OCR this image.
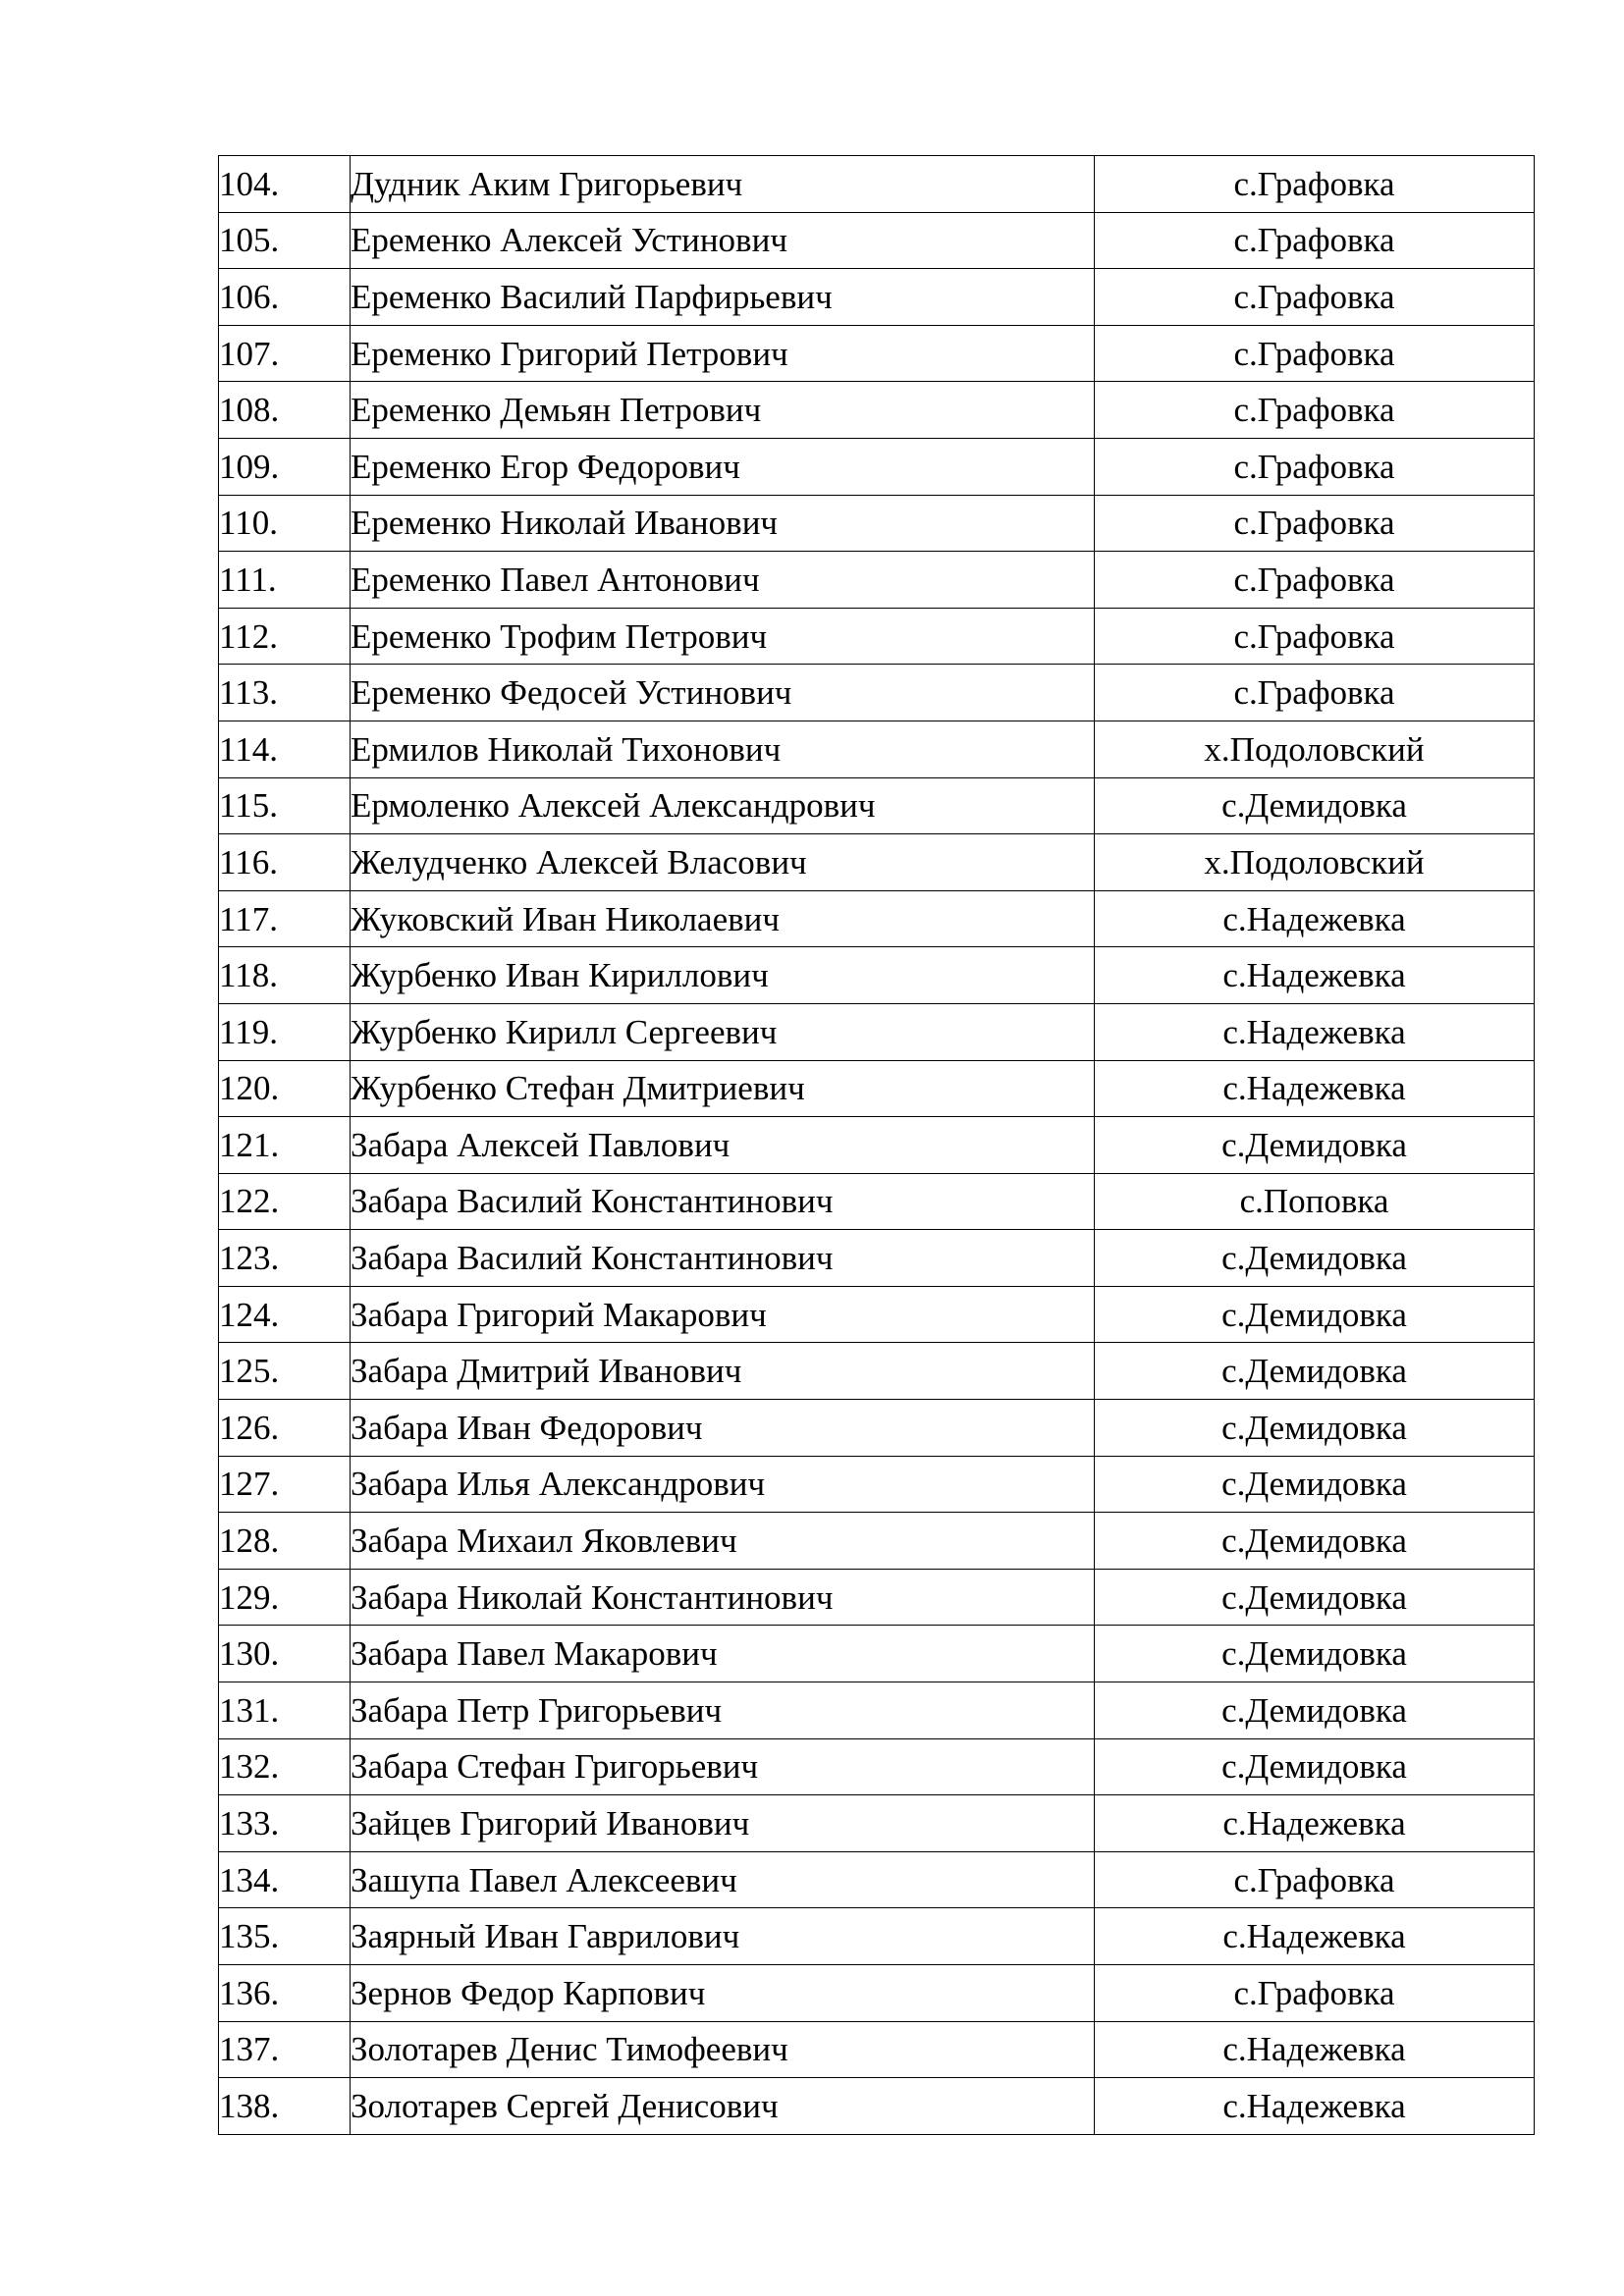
104.	Дудник Аким Григорьевич	с.Графовка
105.	Еременко Алексей Устинович	с.Графовка
106.	Еременко Василий Парфирьевич	с.Графовка
107.	Еременко Григорий Петрович	с.Графовка
108.	Еременко Демьян Петрович	с.Графовка
109.	Еременко Егор Федорович	с.Графовка
110.	Еременко Николай Иванович	с.Графовка
111.	Еременко Павел Антонович	с.Графовка
112.	Еременко Трофим Петрович	с.Графовка
113.	Еременко Федосей Устинович	с.Графовка
114.	Ермилов Николай Тихонович	х.Подоловский
115.	Ермоленко Алексей Александрович	с.Демидовка
116.	Желудченко Алексей Власович	х.Подоловский
117.	Жуковский Иван Николаевич	с.Надежевка
118.	Журбенко Иван Кириллович	с.Надежевка
119.	Журбенко Кирилл Сергеевич	с.Надежевка
120.	Журбенко Стефан Дмитриевич	с.Надежевка
121.	Забара Алексей Павлович	с.Демидовка
122.	Забара Василий Константинович	с.Поповка
123.	Забара Василий Константинович	с.Демидовка
124.	Забара Григорий Макарович	с.Демидовка
125.	Забара Дмитрий Иванович	с.Демидовка
126.	Забара Иван Федорович	с.Демидовка
127.	Забара Илья Александрович	с.Демидовка
128.	Забара Михаил Яковлевич	с.Демидовка
129.	Забара Николай Константинович	с.Демидовка
130.	Забара Павел Макарович	с.Демидовка
131.	Забара Петр Григорьевич	с.Демидовка
132.	Забара Стефан Григорьевич	с.Демидовка
133.	Зайцев Григорий Иванович	с.Надежевка
134.	Зашупа Павел Алексеевич	с.Графовка
135.	Заярный Иван Гаврилович	с.Надежевка
136.	Зернов Федор Карпович	с.Графовка
137.	Золотарев Денис Тимофеевич	с.Надежевка
138.	Золотарев Сергей Денисович	с.Надежевка
